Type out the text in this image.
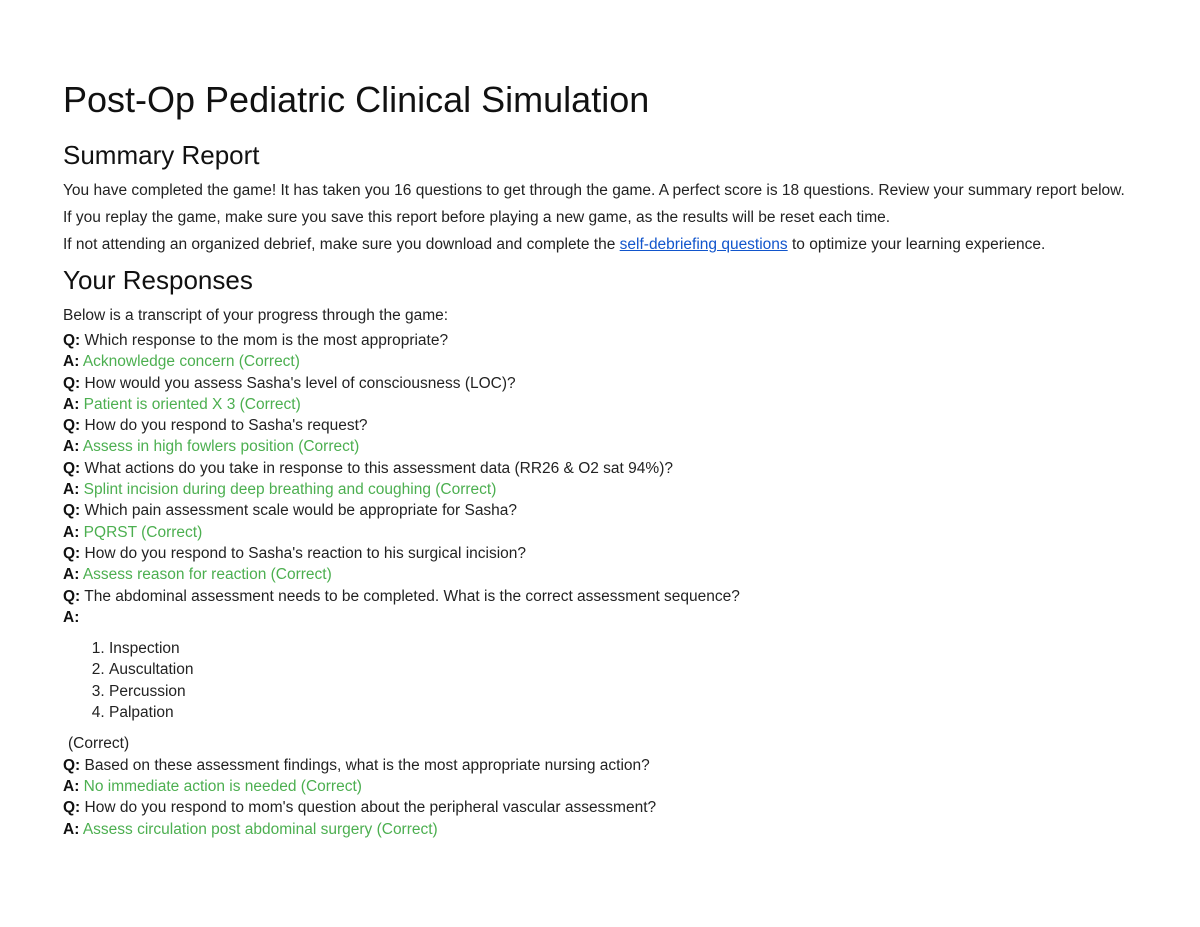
Post-Op Pediatric Clinical Simulation
Summary Report

You have completed the game! It has taken you 16 questions to get through the game. A perfect score is 18 questions. Review your summary report below.

If you replay the game, make sure you save this report before playing a new game, as the results will be reset each time.

If not attending an organized debrief, make sure you download and complete the self-debriefing questions to optimize your learning experience.

Your Responses

Below is a transcript of your progress through the game:

Q: Which response to the mom is the most appropriate?
A: Acknowledge concern (Correct)
Q: How would you assess Sasha's level of consciousness (LOC)?
A: Patient is oriented X 3 (Correct)
Q: How do you respond to Sasha's request?
A: Assess in high fowlers position (Correct)
Q: What actions do you take in response to this assessment data (RR26 & O2 sat 94%)?
A: Splint incision during deep breathing and coughing (Correct)
Q: Which pain assessment scale would be appropriate for Sasha?
A: PQRST (Correct)
Q: How do you respond to Sasha's reaction to his surgical incision?
A: Assess reason for reaction (Correct)
Q: The abdominal assessment needs to be completed. What is the correct assessment sequence?
A:
1. Inspection
2. Auscultation
3. Percussion
4. Palpation
(Correct)
Q: Based on these assessment findings, what is the most appropriate nursing action?
A: No immediate action is needed (Correct)
Q: How do you respond to mom's question about the peripheral vascular assessment?
A: Assess circulation post abdominal surgery (Correct)
